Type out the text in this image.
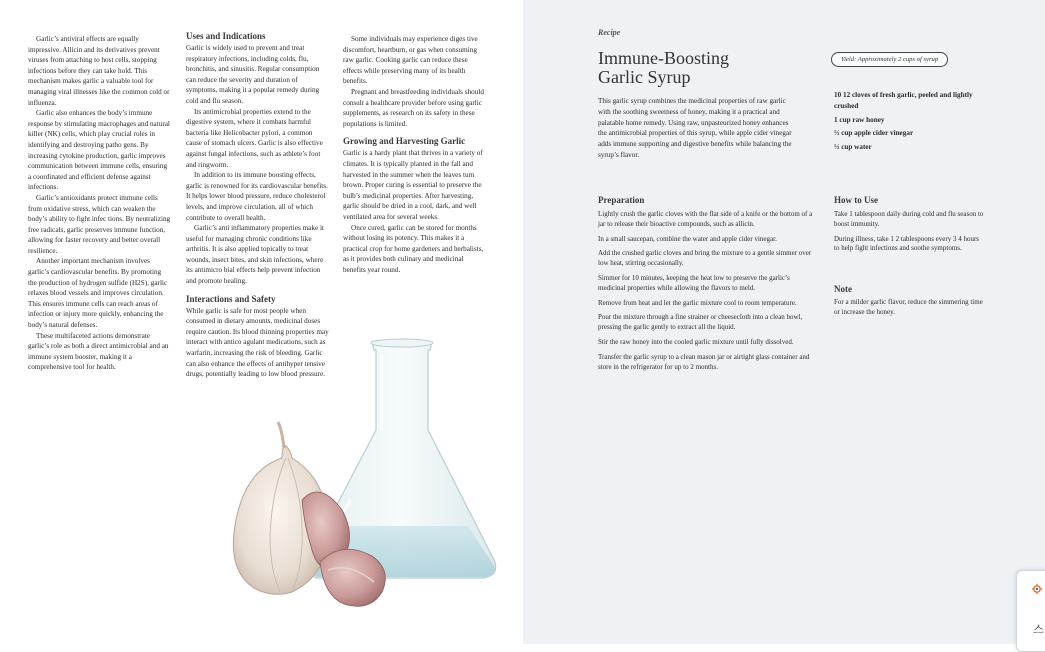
Garlic’s antiviral effects are equally impressive. Allicin and its derivatives prevent viruses from attaching to host cells, stopping infections before they can take hold. This mechanism makes garlic a valuable tool for managing viral illnesses like the common cold or influenza.

Garlic also enhances the body’s immune response by stimulating macrophages and natural killer (NK) cells, which play crucial roles in identifying and destroying patho gens. By increasing cytokine production, garlic improves communication between immune cells, ensuring a coordinated and efficient defense against infections.

Garlic’s antioxidants protect immune cells from oxidative stress, which can weaken the body’s ability to fight infec tions. By neutralizing free radicals, garlic preserves immune function, allowing for faster recovery and better overall resilience.

Another important mechanism involves garlic’s cardiovascular benefits. By promoting the production of hydrogen sulfide (H2S), garlic relaxes blood vessels and improves circulation. This ensures immune cells can reach areas of infection or injury more quickly, enhancing the body’s natural defenses.

These multifaceted actions demonstrate garlic’s role as both a direct antimicrobial and an immune system booster, making it a comprehensive tool for health.

Uses and Indications

Garlic is widely used to prevent and treat respiratory infections, including colds, flu, bronchitis, and sinusitis. Regular consumption can reduce the severity and duration of symptoms, making it a popular remedy during cold and flu season.

Its antimicrobial properties extend to the digestive system, where it combats harmful bacteria like Helicobacter pylori, a common cause of stomach ulcers. Garlic is also effective against fungal infections, such as athlete’s foot and ringworm.

In addition to its immune boosting effects, garlic is renowned for its cardiovascular benefits. It helps lower blood pressure, reduce cholesterol levels, and improve circulation, all of which contribute to overall health.

Garlic’s anti inflammatory properties make it useful for managing chronic conditions like arthritis. It is also applied topically to treat wounds, insect bites, and skin infections, where its antimicro bial effects help prevent infection and promote healing.

Interactions and Safety

While garlic is safe for most people when consumed in dietary amounts, medicinal doses require caution. Its blood thinning properties may interact with antico agulant medications, such as warfarin, increasing the risk of bleeding. Garlic can also enhance the effects of antihyper tensive drugs, potentially leading to low blood pressure.

Some individuals may experience diges tive discomfort, heartburn, or gas when consuming raw garlic. Cooking garlic can reduce these effects while preserving many of its health benefits.

Pregnant and breastfeeding individuals should consult a healthcare provider before using garlic supplements, as research on its safety in these populations is limited.

Growing and Harvesting Garlic

Garlic is a hardy plant that thrives in a variety of climates. It is typically planted in the fall and harvested in the summer when the leaves turn brown. Proper curing is essential to preserve the bulb’s medicinal properties. After harvesting, garlic should be dried in a cool, dark, and well ventilated area for several weeks.

Once cured, garlic can be stored for months without losing its potency. This makes it a practical crop for home gardeners and herbalists, as it provides both culinary and medicinal benefits year round.

Recipe
Immune-Boosting
Garlic Syrup
Yield: Approximately 2 cups of syrup
This garlic syrup combines the medicinal properties of raw garlic with the soothing sweetness of honey, making it a practical and palatable home remedy. Using raw, unpasteurized honey enhances the antimicrobial properties of this syrup, while apple cider vinegar adds immune supporting and digestive benefits while balancing the syrup’s flavor.
10 12 cloves of fresh garlic, peeled and lightly crushed
1 cup raw honey
½ cup apple cider vinegar
½ cup water
Preparation

Lightly crush the garlic cloves with the flat side of a knife or the bottom of a jar to release their bioactive compounds, such as allicin.

In a small saucepan, combine the water and apple cider vinegar.

Add the crushed garlic cloves and bring the mixture to a gentle simmer over low heat, stirring occasionally.

Simmer for 10 minutes, keeping the heat low to preserve the garlic’s medicinal properties while allowing the flavors to meld.

Remove from heat and let the garlic mixture cool to room temperature.

Pour the mixture through a fine strainer or cheesecloth into a clean bowl, pressing the garlic gently to extract all the liquid.

Stir the raw honey into the cooled garlic mixture until fully dissolved.

Transfer the garlic syrup to a clean mason jar or airtight glass container and store in the refrigerator for up to 2 months.

How to Use

Take 1 tablespoon daily during cold and flu season to boost immunity.

During illness, take 1 2 tablespoons every 3 4 hours to help fight infections and soothe symptoms.

Note
For a milder garlic flavor, reduce the simmering time or increase the honey.
스
